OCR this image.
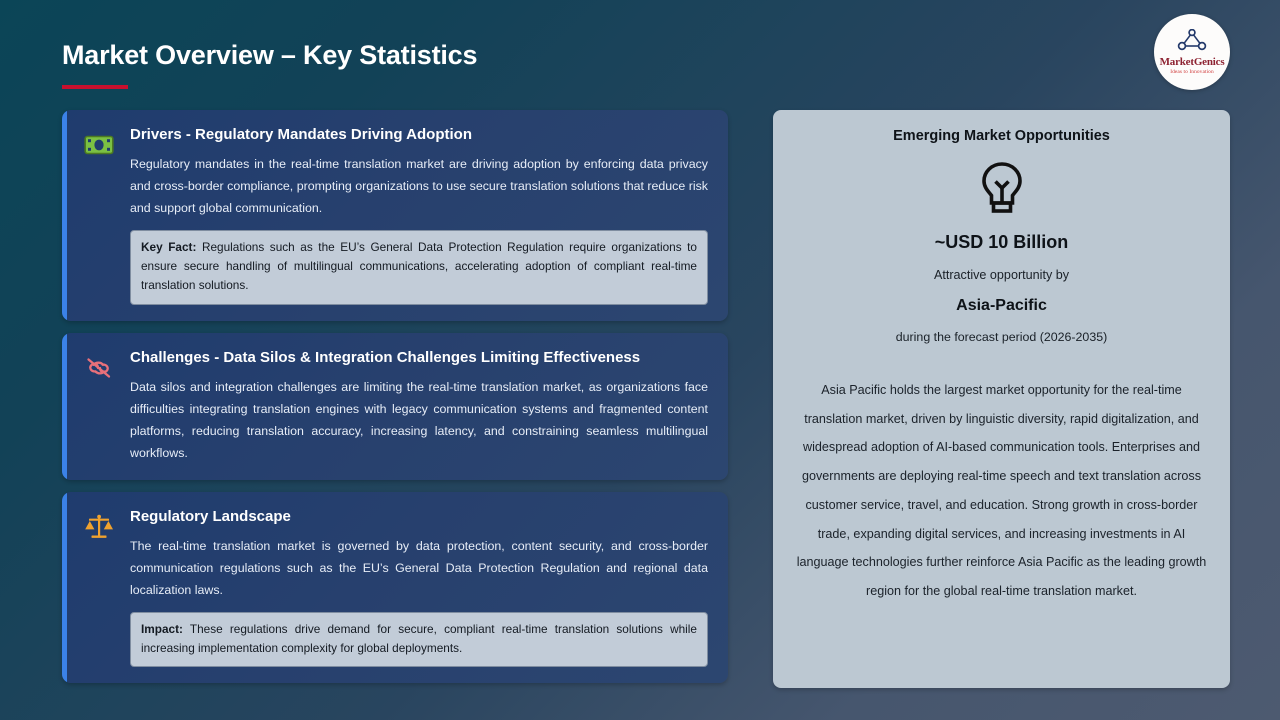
Market Overview – Key Statistics	MarketGenics
Ideas to Innovation
Drivers - Regulatory Mandates Driving Adoption
Regulatory mandates in the real-time translation market are driving adoption by enforcing data privacy and cross-border compliance, prompting organizations to use secure translation solutions that reduce risk and support global communication.
Key Fact: Regulations such as the EU’s General Data Protection Regulation require organizations to ensure secure handling of multilingual communications, accelerating adoption of compliant real-time translation solutions.
Challenges - Data Silos & Integration Challenges Limiting Effectiveness
Data silos and integration challenges are limiting the real-time translation market, as organizations face difficulties integrating translation engines with legacy communication systems and fragmented content platforms, reducing translation accuracy, increasing latency, and constraining seamless multilingual workflows.
Regulatory Landscape
The real-time translation market is governed by data protection, content security, and cross-border communication regulations such as the EU’s General Data Protection Regulation and regional data localization laws.
Impact: These regulations drive demand for secure, compliant real-time translation solutions while increasing implementation complexity for global deployments.
Emerging Market Opportunities
~USD 10 Billion
Attractive opportunity by
Asia-Pacific
during the forecast period (2026-2035)
Asia Pacific holds the largest market opportunity for the real-time translation market, driven by linguistic diversity, rapid digitalization, and widespread adoption of AI-based communication tools. Enterprises and governments are deploying real-time speech and text translation across customer service, travel, and education. Strong growth in cross-border trade, expanding digital services, and increasing investments in AI language technologies further reinforce Asia Pacific as the leading growth region for the global real-time translation market.
